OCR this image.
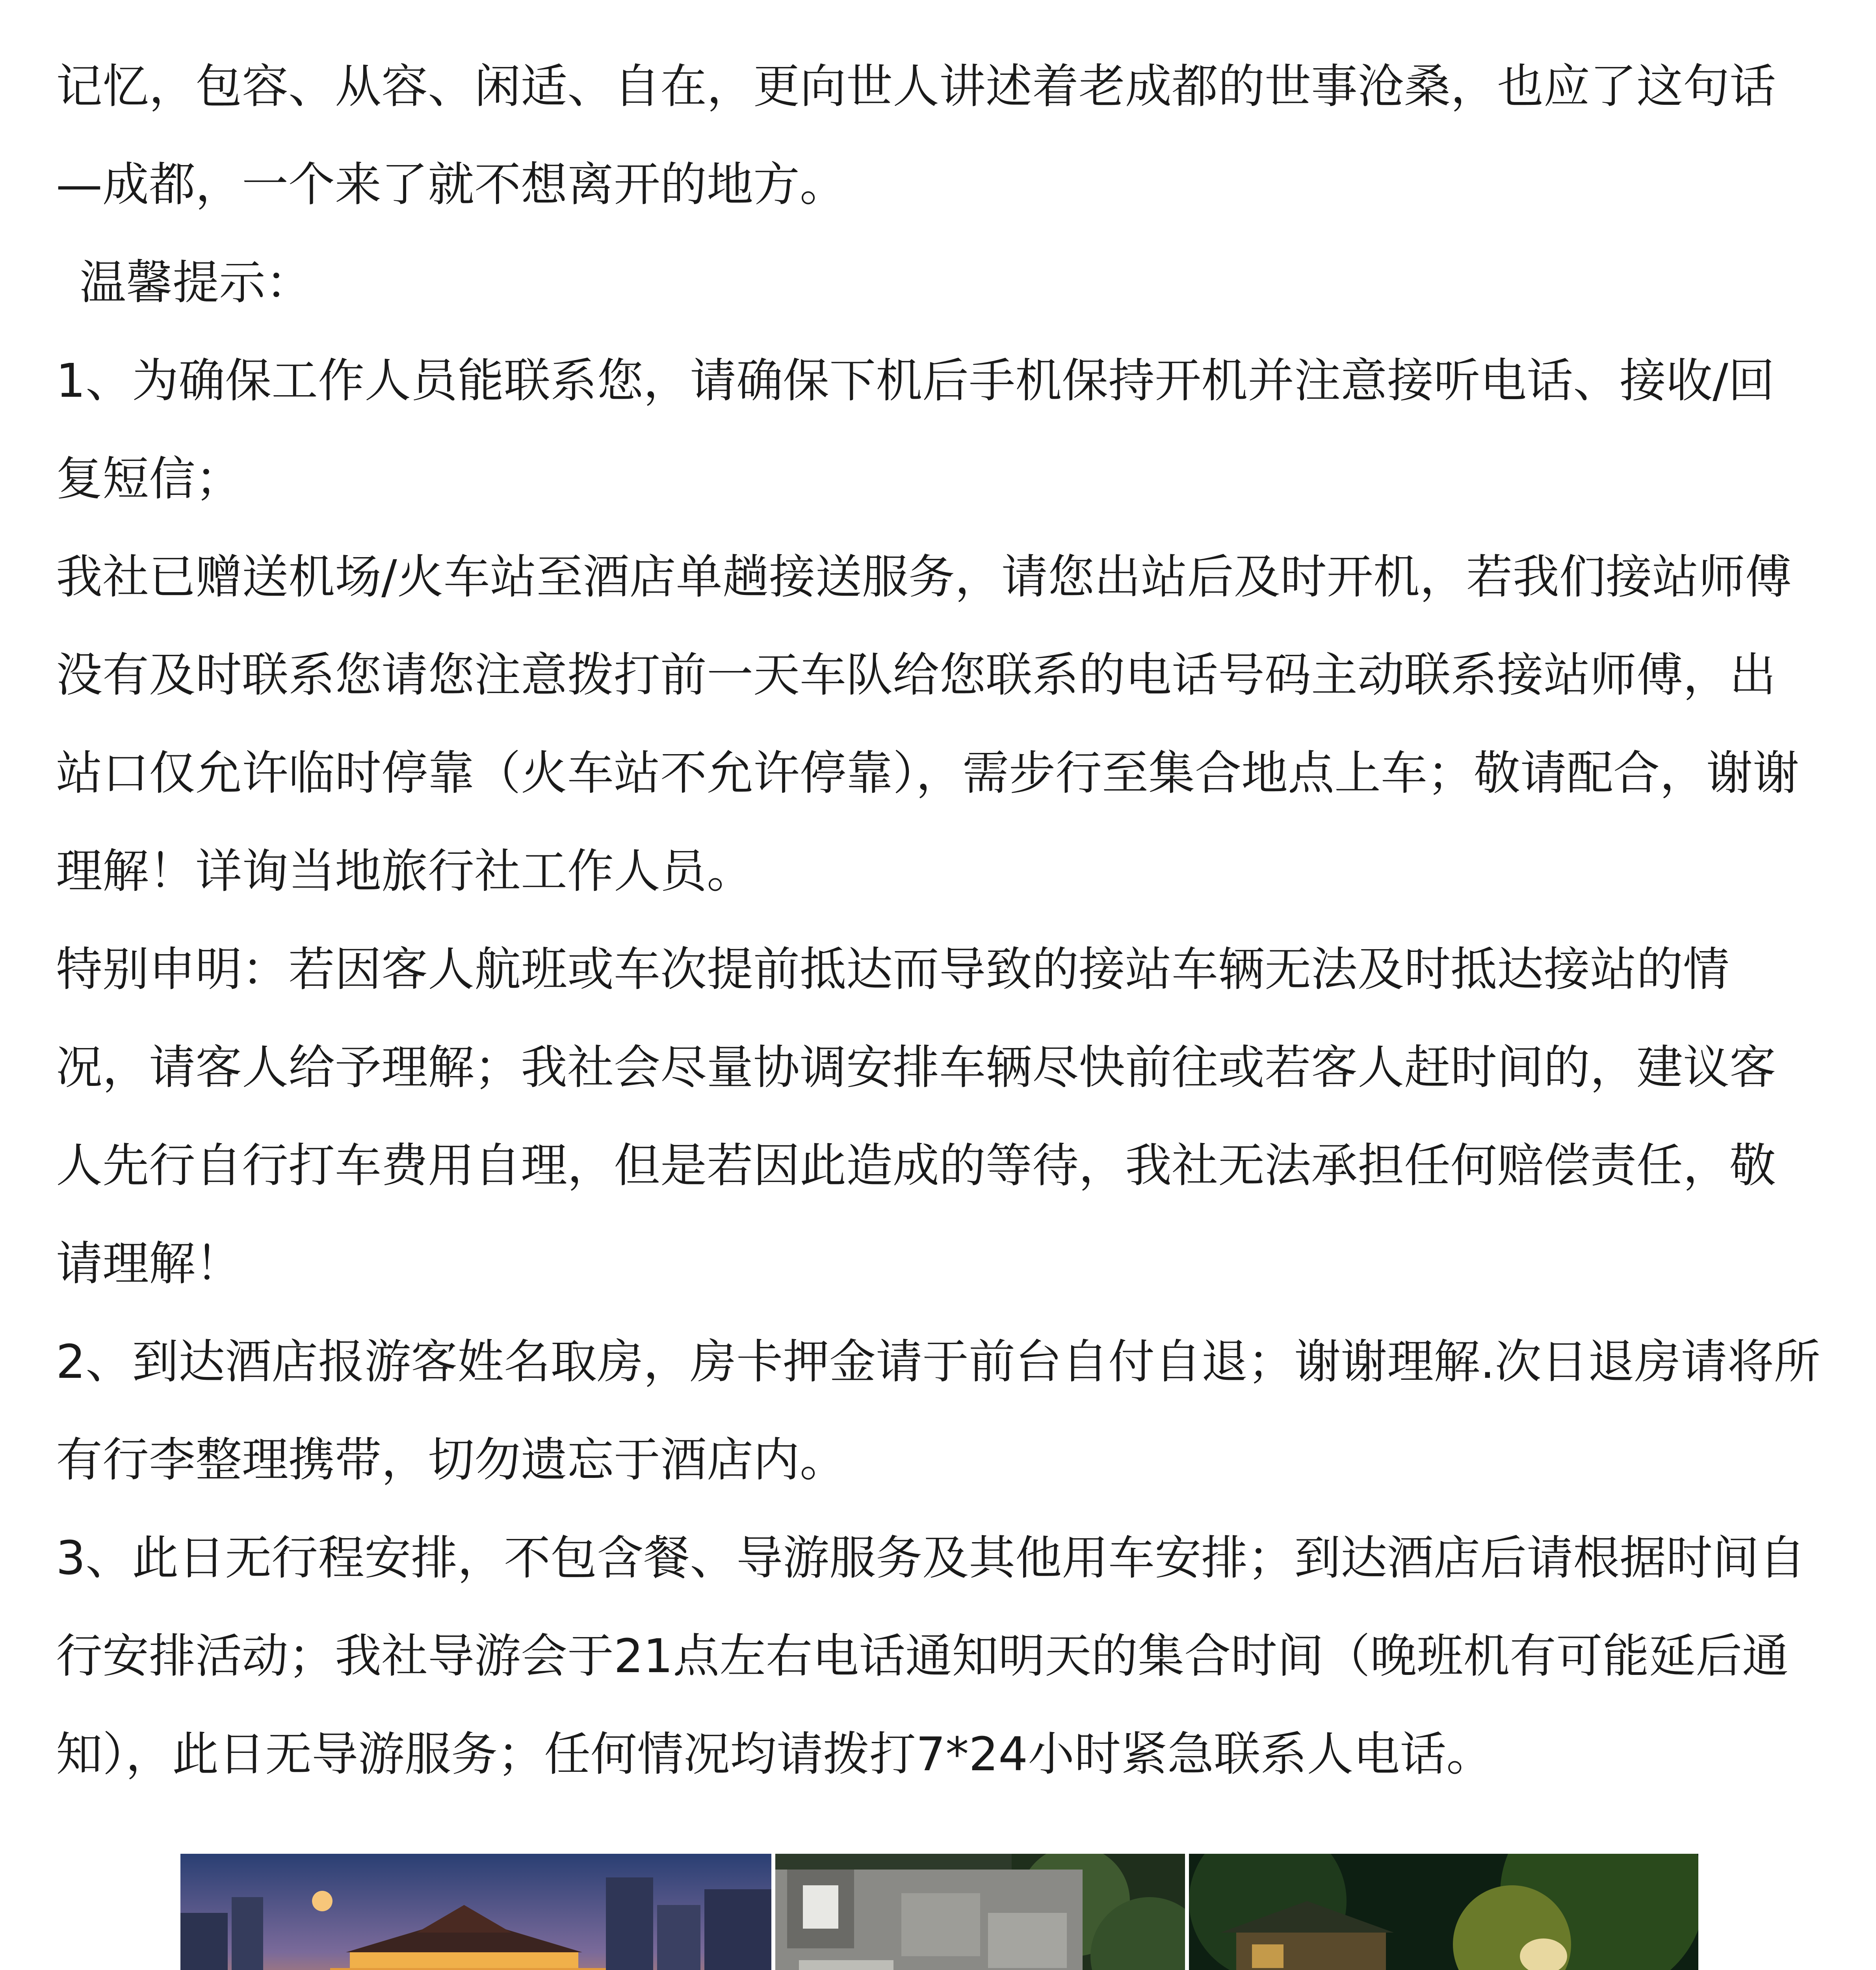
记忆，包容、从容、闲适、自在，更向世人讲述着老成都的世事沧桑，也应了这句话—成都，一个来了就不想离开的地方。

温馨提示：

1、为确保工作人员能联系您，请确保下机后手机保持开机并注意接听电话、接收/回复短信；

我社已赠送机场/火车站至酒店单趟接送服务，请您出站后及时开机，若我们接站师傅没有及时联系您请您注意拨打前一天车队给您联系的电话号码主动联系接站师傅，出站口仅允许临时停靠（火车站不允许停靠），需步行至集合地点上车；敬请配合，谢谢理解！详询当地旅行社工作人员。

特别申明：若因客人航班或车次提前抵达而导致的接站车辆无法及时抵达接站的情况，请客人给予理解；我社会尽量协调安排车辆尽快前往或若客人赶时间的，建议客人先行自行打车费用自理，但是若因此造成的等待，我社无法承担任何赔偿责任，敬请理解！

2、到达酒店报游客姓名取房，房卡押金请于前台自付自退；谢谢理解.次日退房请将所有行李整理携带，切勿遗忘于酒店内。

3、此日无行程安排，不包含餐、导游服务及其他用车安排；到达酒店后请根据时间自行安排活动；我社导游会于21点左右电话通知明天的集合时间（晚班机有可能延后通知），此日无导游服务；任何情况均请拨打7*24小时紧急联系人电话。
